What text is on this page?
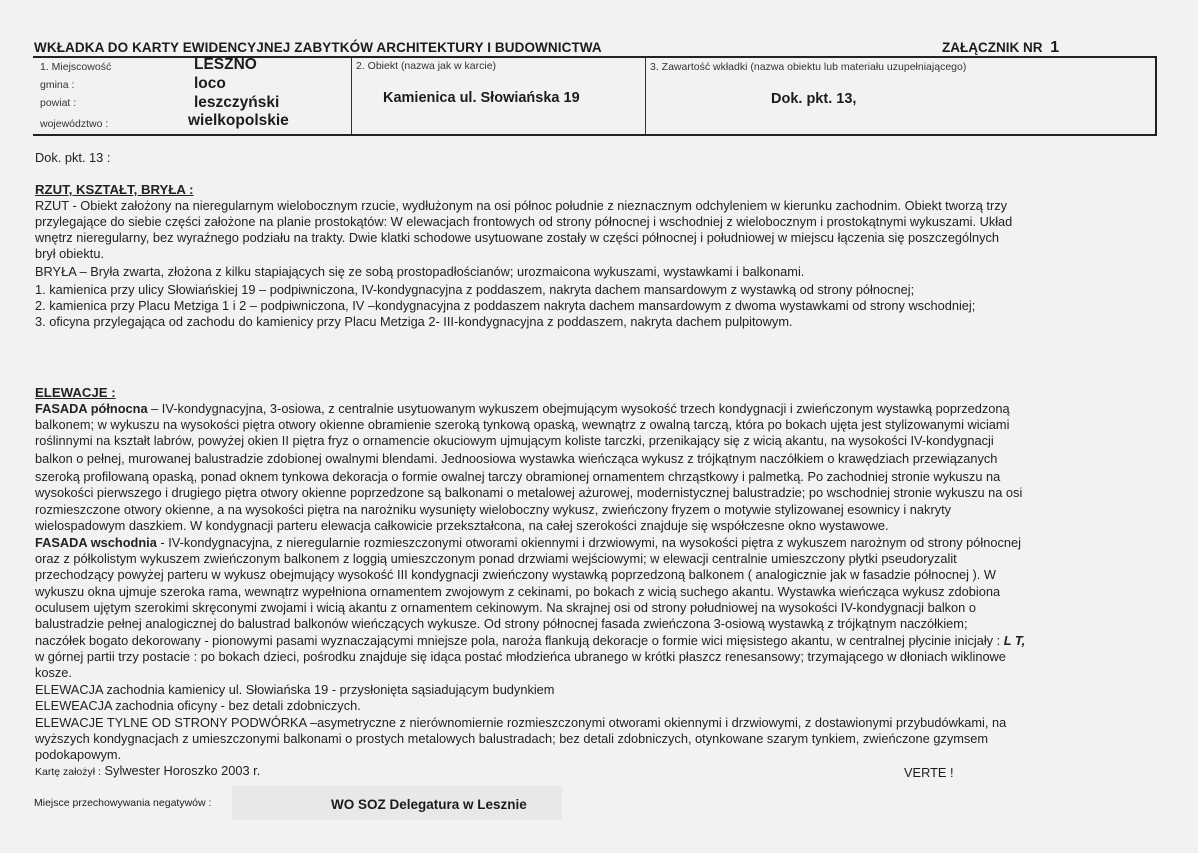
WKŁADKA DO KARTY EWIDENCYJNEJ ZABYTKÓW ARCHITEKTURY I BUDOWNICTWA	ZAŁĄCZNIK NR 1
1. Miejscowość	LESZNO
gmina :	loco
powiat :	leszczyński
województwo :	wielkopolskie
2. Obiekt (nazwa jak w karcie)
Kamienica ul. Słowiańska 19
3. Zawartość wkładki (nazwa obiektu lub materiału uzupełniającego)
Dok. pkt. 13,
Dok. pkt. 13 :
RZUT, KSZTAŁT, BRYŁA :
RZUT - Obiekt założony na nieregularnym wielobocznym rzucie, wydłużonym na osi północ południe z nieznacznym odchyleniem w kierunku zachodnim. Obiekt tworzą trzy
przylegające do siebie części założone na planie prostokątów: W elewacjach frontowych od strony północnej i wschodniej z wielobocznym i prostokątnymi wykuszami. Układ
wnętrz nieregularny, bez wyraźnego podziału na trakty. Dwie klatki schodowe usytuowane zostały w części północnej i południowej w miejscu łączenia się poszczególnych
brył obiektu.
BRYŁA – Bryła zwarta, złożona z kilku stapiających się ze sobą prostopadłościanów; urozmaicona wykuszami, wystawkami i balkonami.
1. kamienica przy ulicy Słowiańskiej 19 – podpiwniczona, IV-kondygnacyjna z poddaszem, nakryta dachem mansardowym z wystawką od strony północnej;
2. kamienica przy Placu Metziga 1 i 2 – podpiwniczona, IV –kondygnacyjna z poddaszem nakryta dachem mansardowym z dwoma wystawkami od strony wschodniej;
3. oficyna przylegająca od zachodu do kamienicy przy Placu Metziga 2- III-kondygnacyjna z poddaszem, nakryta dachem pulpitowym.
ELEWACJE :
FASADA północna – IV-kondygnacyjna, 3-osiowa, z centralnie usytuowanym wykuszem obejmującym wysokość trzech kondygnacji i zwieńczonym wystawką poprzedzoną
balkonem; w wykuszu na wysokości piętra otwory okienne obramienie szeroką tynkową opaską, wewnątrz z owalną tarczą, która po bokach ujęta jest stylizowanymi wiciami
roślinnymi na kształt labrów, powyżej okien II piętra fryz o ornamencie okuciowym ujmującym koliste tarczki, przenikający się z wicią akantu, na wysokości IV-kondygnacji
balkon o pełnej, murowanej balustradzie zdobionej owalnymi blendami. Jednoosiowa wystawka wieńcząca wykusz z trójkątnym naczółkiem o krawędziach przewiązanych
szeroką profilowaną opaską, ponad oknem tynkowa dekoracja o formie owalnej tarczy obramionej ornamentem chrząstkowy i palmetką. Po zachodniej stronie wykuszu na
wysokości pierwszego i drugiego piętra otwory okienne poprzedzone są balkonami o metalowej ażurowej, modernistycznej balustradzie; po wschodniej stronie wykuszu na osi
rozmieszczone otwory okienne, a na wysokości piętra na narożniku wysunięty wieloboczny wykusz, zwieńczony fryzem o motywie stylizowanej esownicy i nakryty
wielospadowym daszkiem. W kondygnacji parteru elewacja całkowicie przekształcona, na całej szerokości znajduje się współczesne okno wystawowe.
FASADA wschodnia - IV-kondygnacyjna, z nieregularnie rozmieszczonymi otworami okiennymi i drzwiowymi, na wysokości piętra z wykuszem narożnym od strony północnej
oraz z półkolistym wykuszem zwieńczonym balkonem z loggią umieszczonym ponad drzwiami wejściowymi; w elewacji centralnie umieszczony płytki pseudoryzalit
przechodzący powyżej parteru w wykusz obejmujący wysokość III kondygnacji zwieńczony wystawką poprzedzoną balkonem ( analogicznie jak w fasadzie północnej ). W
wykuszu okna ujmuje szeroka rama, wewnątrz wypełniona ornamentem zwojowym z cekinami, po bokach z wicią suchego akantu. Wystawka wieńcząca wykusz zdobiona
oculusem ujętym szerokimi skręconymi zwojami i wicią akantu z ornamentem cekinowym. Na skrajnej osi od strony południowej na wysokości IV-kondygnacji balkon o
balustradzie pełnej analogicznej do balustrad balkonów wieńczących wykusze. Od strony północnej fasada zwieńczona 3-osiową wystawką z trójkątnym naczółkiem;
naczółek bogato dekorowany - pionowymi pasami wyznaczającymi mniejsze pola, naroża flankują dekoracje o formie wici mięsistego akantu, w centralnej płycinie inicjały : L T,
w górnej partii trzy postacie : po bokach dzieci, pośrodku znajduje się idąca postać młodzieńca ubranego w krótki płaszcz renesansowy; trzymającego w dłoniach wiklinowe
kosze.
ELEWACJA zachodnia kamienicy ul. Słowiańska 19 - przysłonięta sąsiadującym budynkiem
ELEWEACJA zachodnia oficyny - bez detali zdobniczych.
ELEWACJE TYLNE OD STRONY PODWÓRKA –asymetryczne z nierównomiernie rozmieszczonymi otworami okiennymi i drzwiowymi, z dostawionymi przybudówkami, na
wyższych kondygnacjach z umieszczonymi balkonami o prostych metalowych balustradach; bez detali zdobniczych, otynkowane szarym tynkiem, zwieńczone gzymsem
podokapowym.
Kartę założył : Sylwester Horoszko 2003 r.	VERTE !
Miejsce przechowywania negatywów :	WO SOZ Delegatura w Lesznie
